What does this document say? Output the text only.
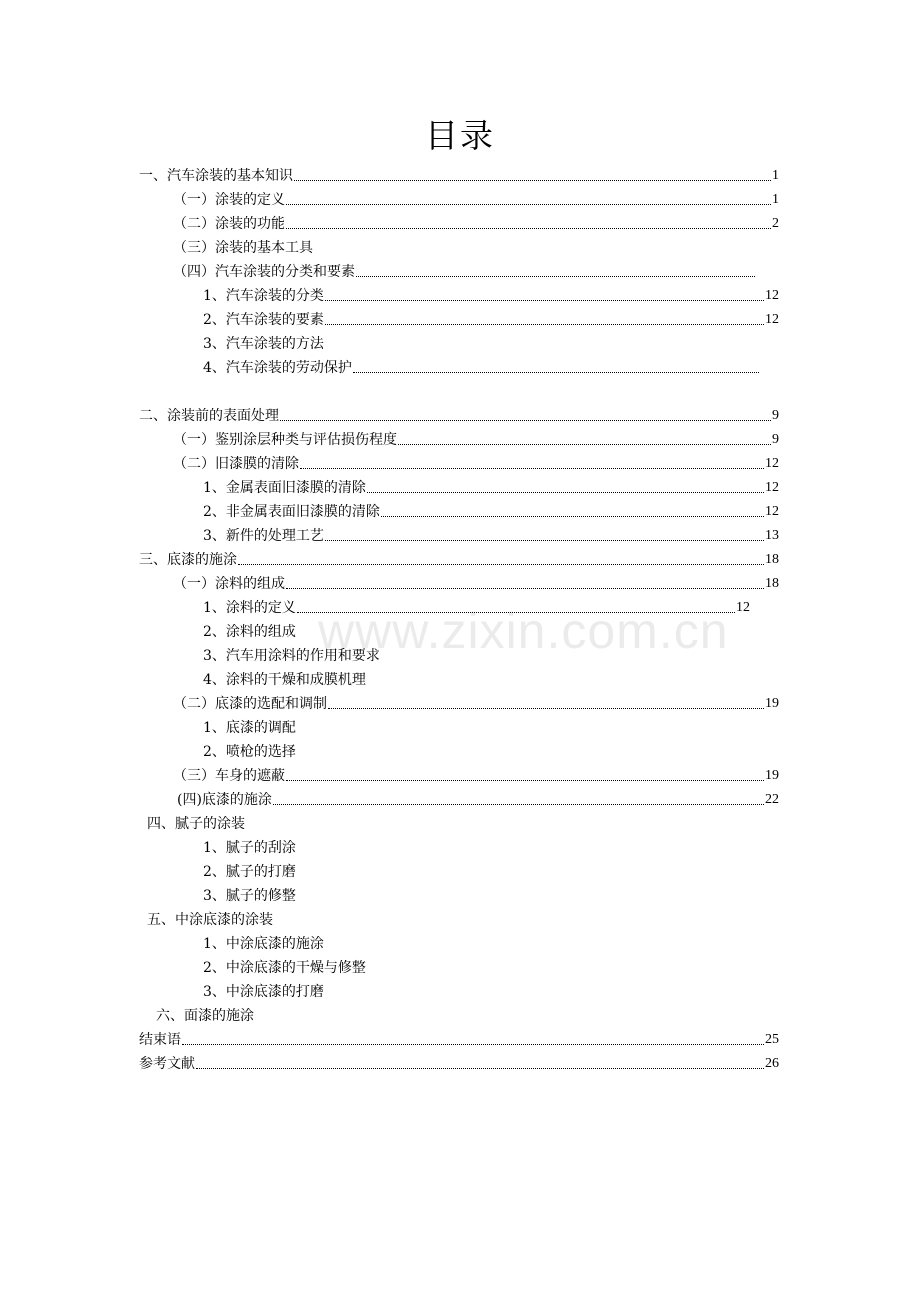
目录
www.zixin.com.cn
一、汽车涂装的基本知识	1
（一）涂装的定义	1
（二）涂装的功能	2
（三）涂装的基本工具
（四）汽车涂装的分类和要素
1、汽车涂装的分类	12
2、汽车涂装的要素	12
3、汽车涂装的方法
4、汽车涂装的劳动保护
二、涂装前的表面处理	9
（一）鉴别涂层种类与评估损伤程度	9
（二）旧漆膜的清除	12
1、金属表面旧漆膜的清除	12
2、非金属表面旧漆膜的清除	12
3、新件的处理工艺	13
三、底漆的施涂	18
（一）涂料的组成	18
1、涂料的定义	12
2、涂料的组成
3、汽车用涂料的作用和要求
4、涂料的干燥和成膜机理
（二）底漆的选配和调制	19
1、底漆的调配
2、喷枪的选择
（三）车身的遮蔽	19
(四)底漆的施涂	22
四、腻子的涂装
1、腻子的刮涂
2、腻子的打磨
3、腻子的修整
五、中涂底漆的涂装
1、中涂底漆的施涂
2、中涂底漆的干燥与修整
3、中涂底漆的打磨
六、面漆的施涂
结束语	25
参考文献	26
